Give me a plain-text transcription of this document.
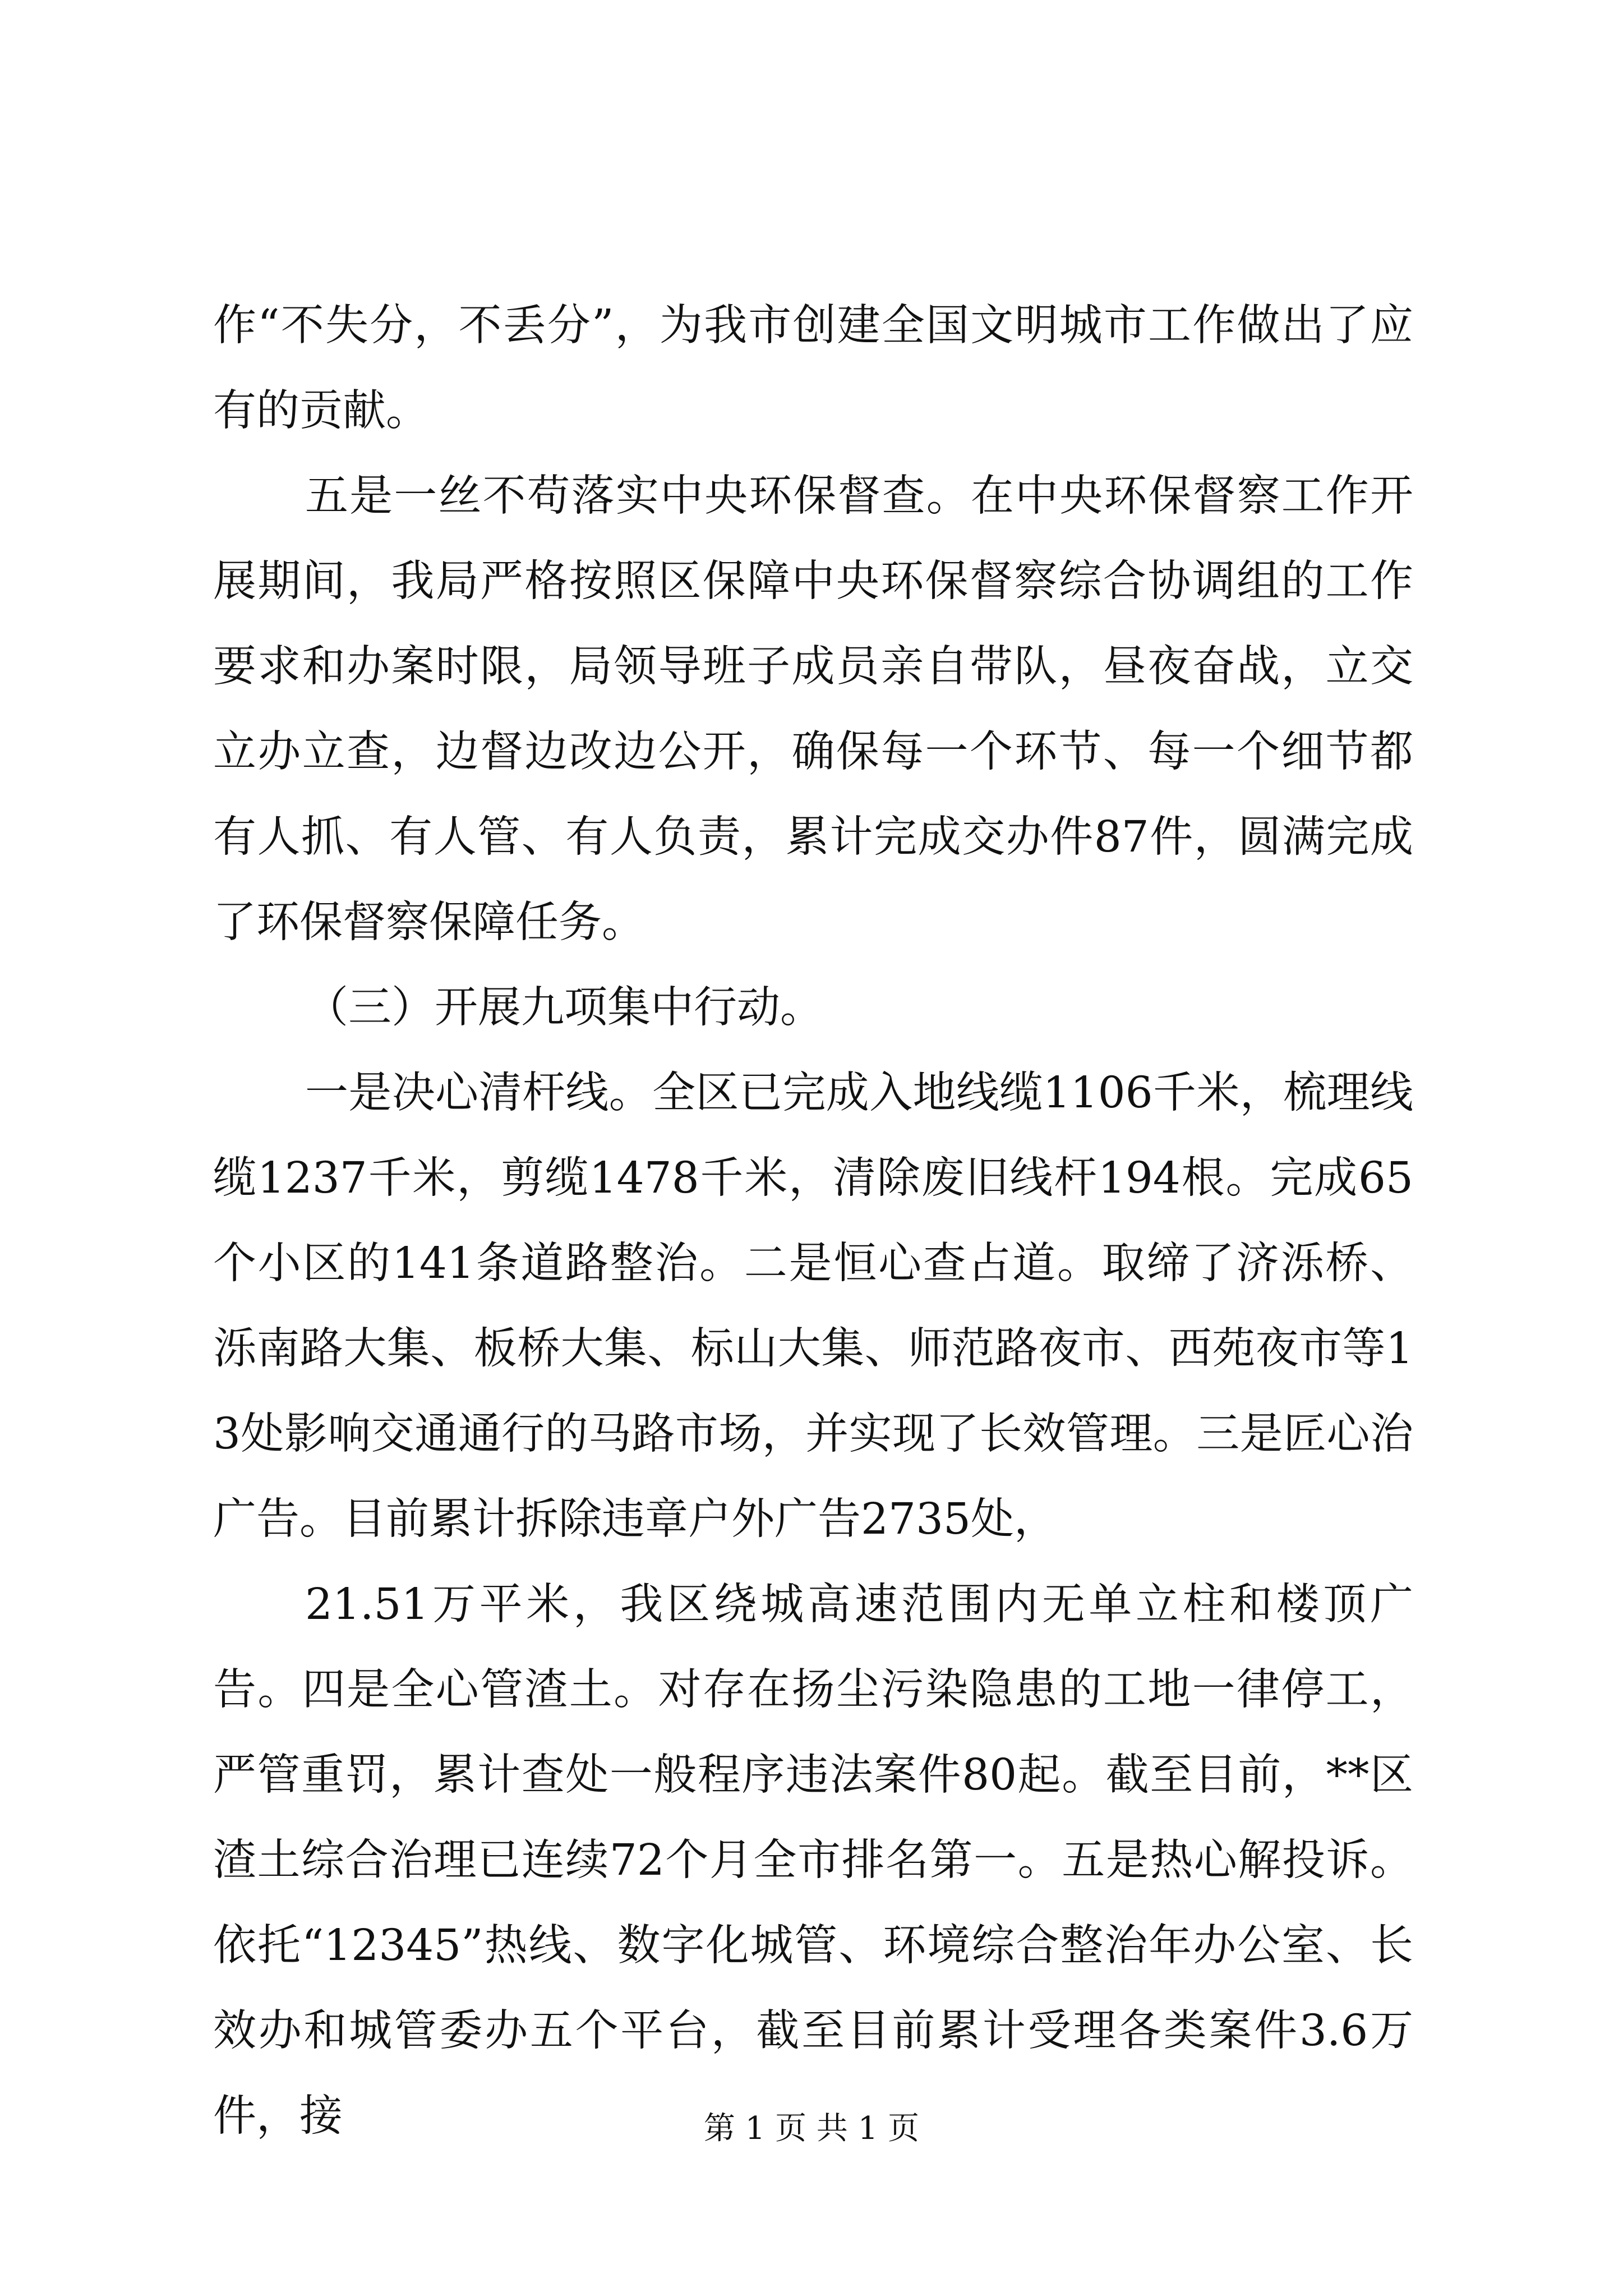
作“不失分，不丢分”，为我市创建全国文明城市工作做出了应有的贡献。

五是一丝不苟落实中央环保督查。在中央环保督察工作开展期间，我局严格按照区保障中央环保督察综合协调组的工作要求和办案时限，局领导班子成员亲自带队，昼夜奋战，立交立办立查，边督边改边公开，确保每一个环节、每一个细节都有人抓、有人管、有人负责，累计完成交办件87件，圆满完成了环保督察保障任务。

（三）开展九项集中行动。

一是决心清杆线。全区已完成入地线缆1106千米，梳理线缆1237千米，剪缆1478千米，清除废旧线杆194根。完成65个小区的141条道路整治。二是恒心查占道。取缔了济泺桥、泺南路大集、板桥大集、标山大集、师范路夜市、西苑夜市等13处影响交通通行的马路市场，并实现了长效管理。三是匠心治广告。目前累计拆除违章户外广告2735处，

21.51万平米，我区绕城高速范围内无单立柱和楼顶广告。四是全心管渣土。对存在扬尘污染隐患的工地一律停工，严管重罚，累计查处一般程序违法案件80起。截至目前，**区渣土综合治理已连续72个月全市排名第一。五是热心解投诉。依托“12345”热线、数字化城管、环境综合整治年办公室、长效办和城管委办五个平台，截至目前累计受理各类案件3.6万件，接	第 1 页 共 1 页
